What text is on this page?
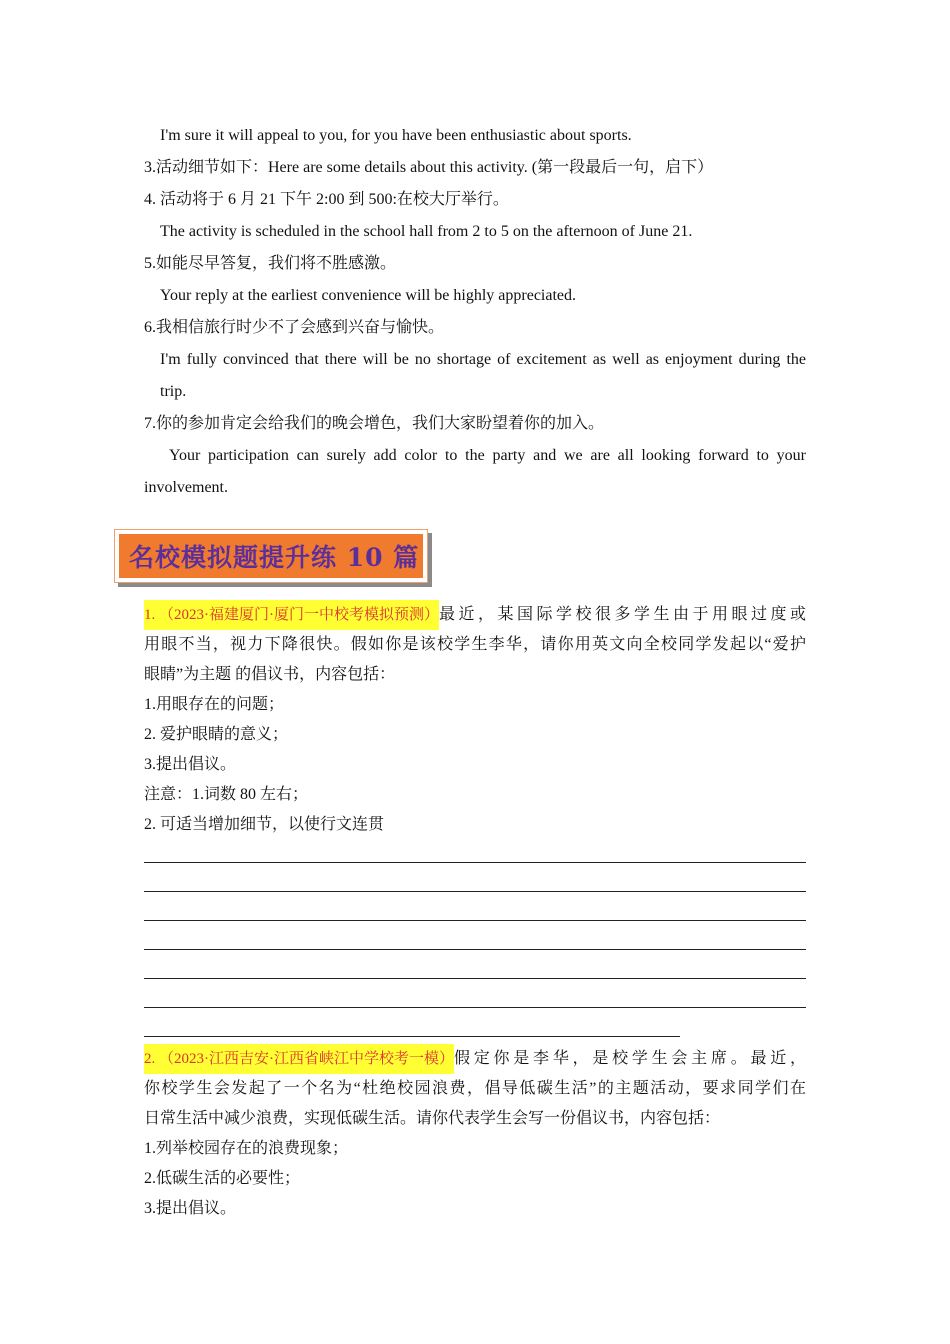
I'm sure it will appeal to you, for you have been enthusiastic about sports.
3.活动细节如下：Here are some details about this activity. (第一段最后一句，启下）
4. 活动将于 6 月 21 下午 2:00 到 500:在校大厅举行。
The activity is scheduled in the school hall from 2 to 5 on the afternoon of June 21.
5.如能尽早答复，我们将不胜感激。
Your reply at the earliest convenience will be highly appreciated.
6.我相信旅行时少不了会感到兴奋与愉快。
I'm fully convinced that there will be no shortage of excitement as well as enjoyment during the
trip.
7.你的参加肯定会给我们的晚会增色，我们大家盼望着你的加入。
Your participation can surely add color to the party and we are all looking forward to your
involvement.
名校模拟题提升练 10 篇
1. （2023·福建厦门·厦门一中校考模拟预测） 最近，某国际学校很多学生由于用眼过度或
用眼不当，视力下降很快。假如你是该校学生李华，请你用英文向全校同学发起以“爱护
眼睛”为主题 的倡议书，内容包括：
1.用眼存在的问题；
2. 爱护眼睛的意义；
3.提出倡议。
注意：1.词数 80 左右；
2. 可适当增加细节，以使行文连贯
2. （2023·江西吉安·江西省峡江中学校考一模） 假定你是李华，是校学生会主席。最近，
你校学生会发起了一个名为“杜绝校园浪费，倡导低碳生活”的主题活动，要求同学们在
日常生活中减少浪费，实现低碳生活。请你代表学生会写一份倡议书，内容包括：
1.列举校园存在的浪费现象；
2.低碳生活的必要性；
3.提出倡议。
